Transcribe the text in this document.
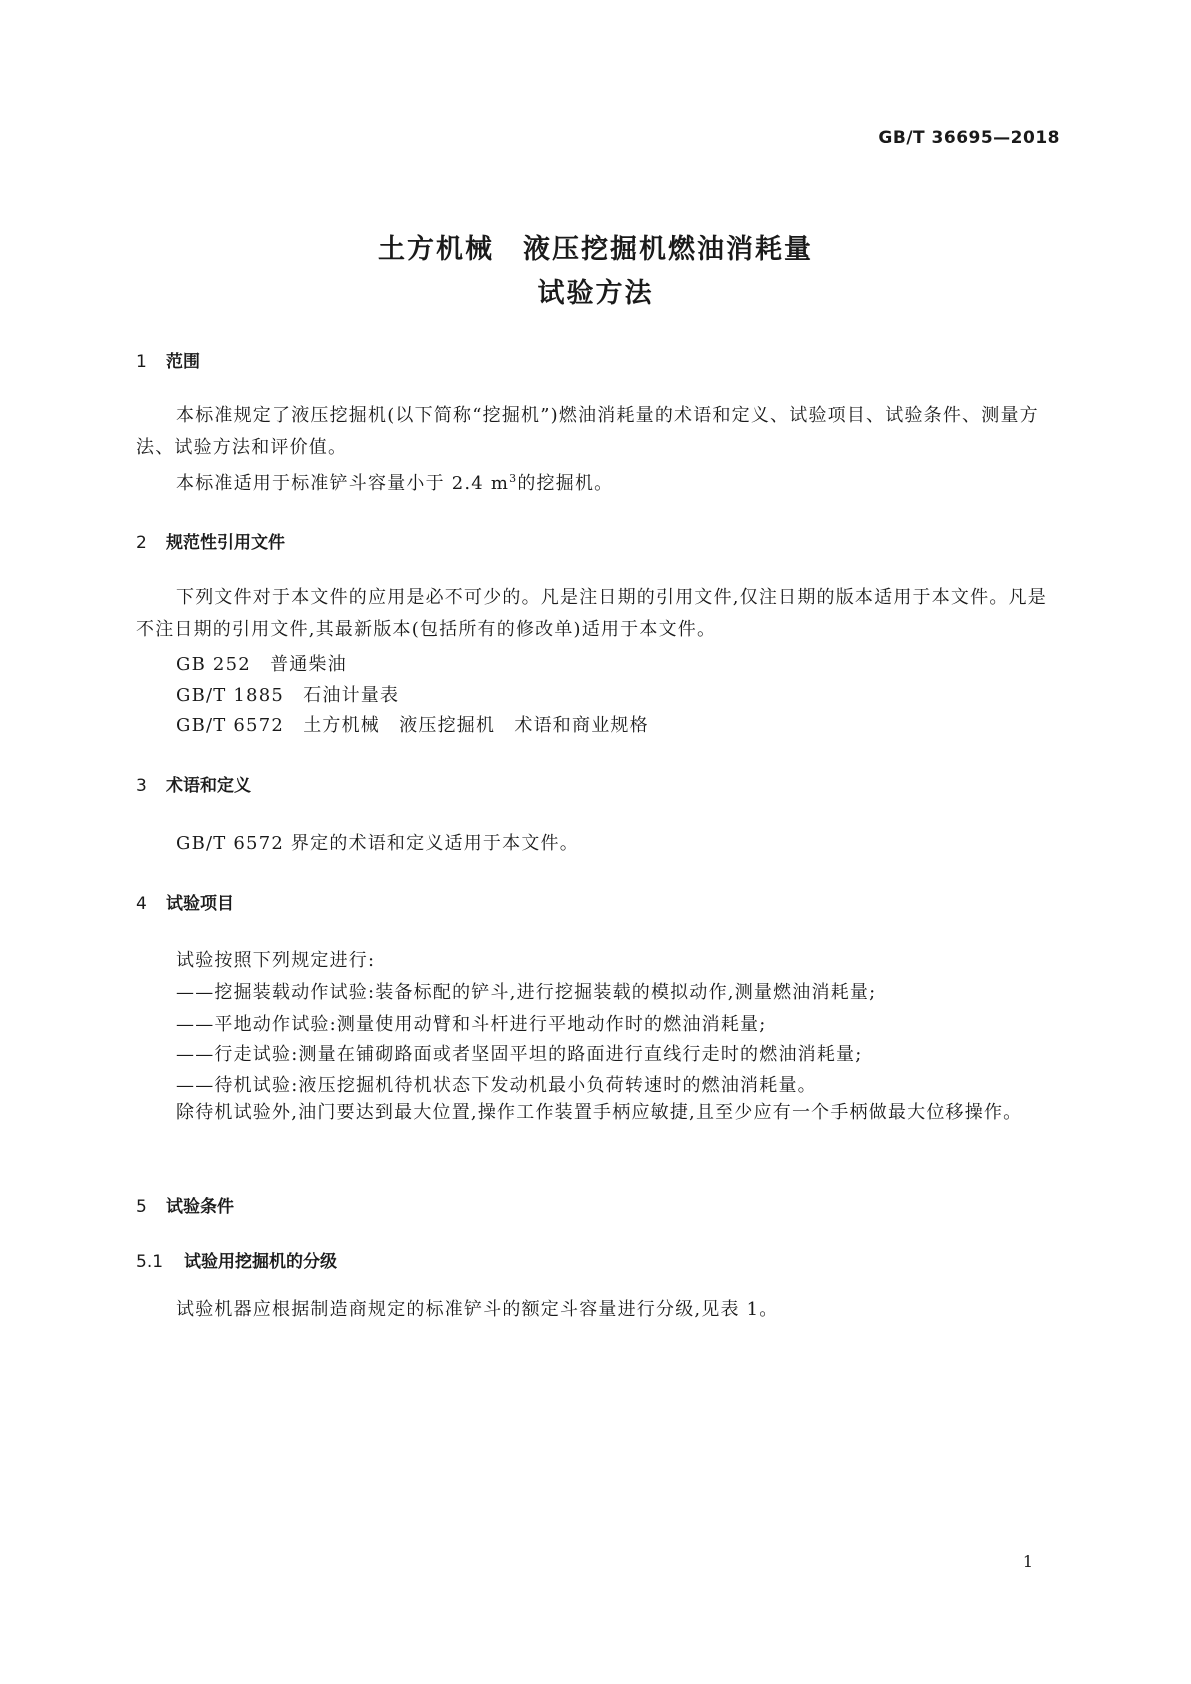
GB/T 36695—2018
土方机械　液压挖掘机燃油消耗量
试验方法
1 范围
本标准规定了液压挖掘机(以下简称“挖掘机”)燃油消耗量的术语和定义、试验项目、试验条件、测量方法、试验方法和评价值。
本标准适用于标准铲斗容量小于 2.4 $m^3$的挖掘机。
2 规范性引用文件
下列文件对于本文件的应用是必不可少的。凡是注日期的引用文件,仅注日期的版本适用于本文件。凡是不注日期的引用文件,其最新版本(包括所有的修改单)适用于本文件。
GB 252　普通柴油
GB/T 1885　石油计量表
GB/T 6572　土方机械　液压挖掘机　术语和商业规格
3 术语和定义
GB/T 6572 界定的术语和定义适用于本文件。
4 试验项目
试验按照下列规定进行:
——挖掘装载动作试验:装备标配的铲斗,进行挖掘装载的模拟动作,测量燃油消耗量;
——平地动作试验:测量使用动臂和斗杆进行平地动作时的燃油消耗量;
——行走试验:测量在铺砌路面或者坚固平坦的路面进行直线行走时的燃油消耗量;
——待机试验:液压挖掘机待机状态下发动机最小负荷转速时的燃油消耗量。
除待机试验外,油门要达到最大位置,操作工作装置手柄应敏捷,且至少应有一个手柄做最大位移操作。
5 试验条件
5.1 试验用挖掘机的分级
试验机器应根据制造商规定的标准铲斗的额定斗容量进行分级,见表 1。
1
